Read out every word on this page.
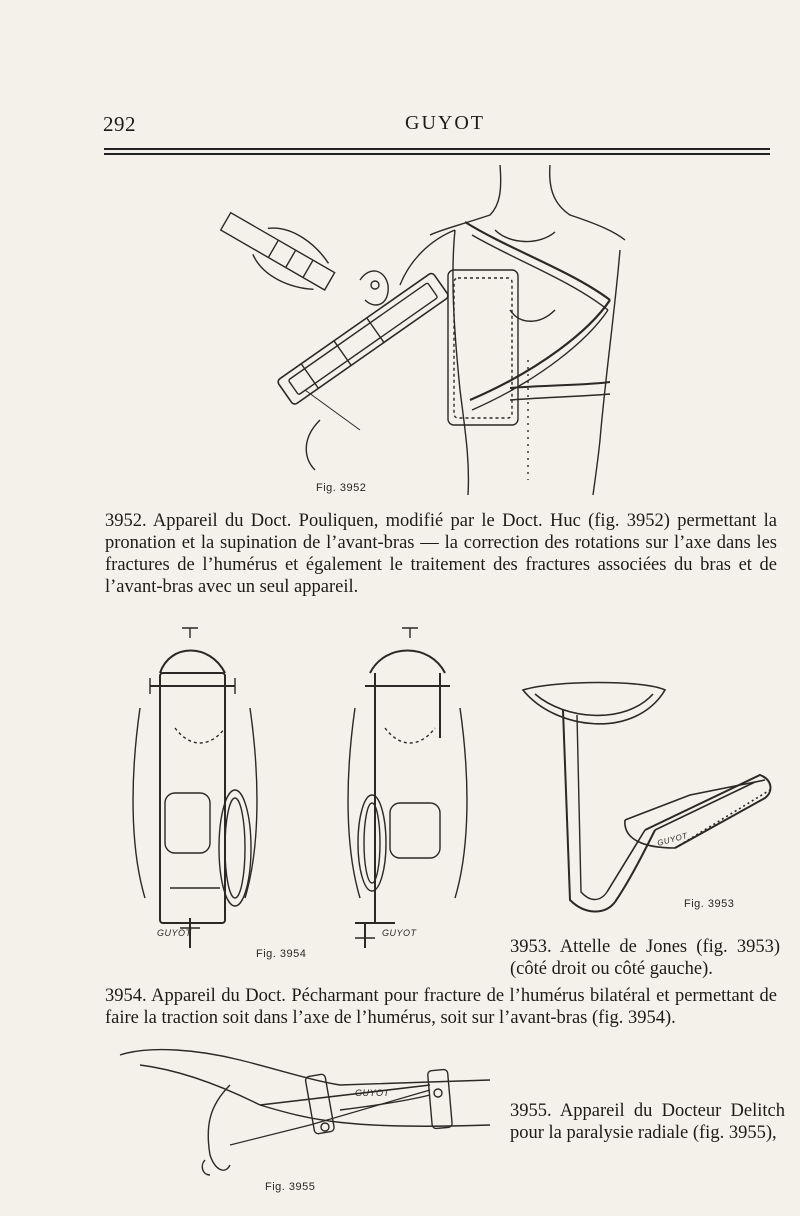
292	GUYOT
Fig. 3952
3952. Appareil du Doct. Pouliquen, modifié par le Doct. Huc (fig. 3952) permettant la pronation et la supination de l’avant-bras — la correction des rotations sur l’axe dans les fractures de l’humérus et également le traitement des fractures associées du bras et de l’avant-bras avec un seul appareil.
GUYOT	GUYOT
Fig. 3954
GUYOT
Fig. 3953
3953. Attelle de Jones (fig. 3953) (côté droit ou côté gauche).
3954. Appareil du Doct. Pécharmant pour fracture de l’humérus bilatéral et permettant de faire la traction soit dans l’axe de l’humérus, soit sur l’avant-bras (fig. 3954).
GUYOT
Fig. 3955
3955. Appareil du Docteur Delitch pour la paralysie radiale (fig. 3955),
